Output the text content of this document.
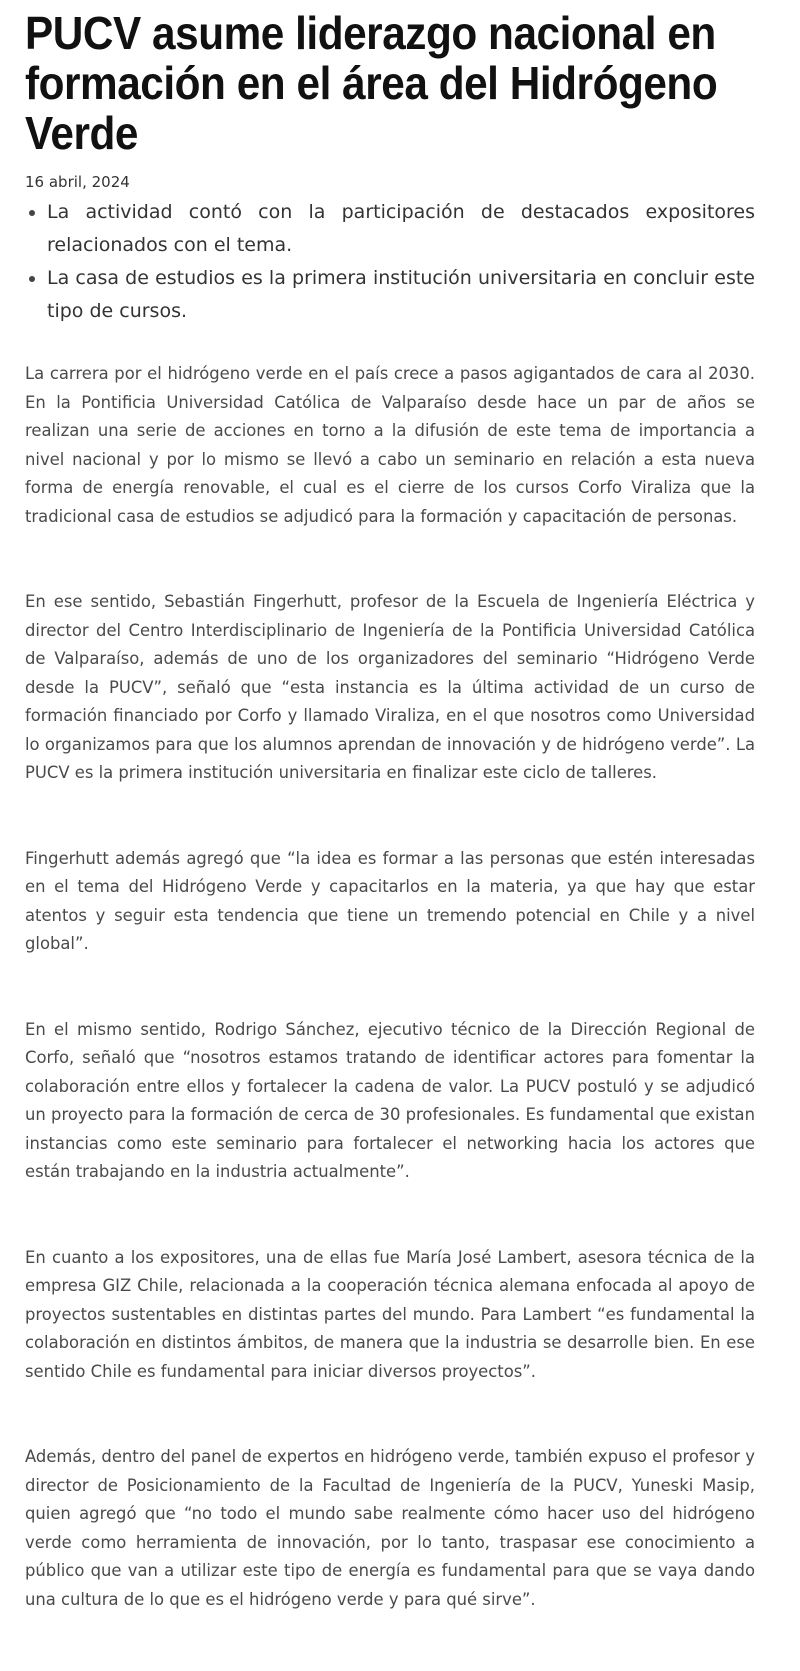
PUCV asume liderazgo nacional en formación en el área del Hidrógeno Verde
16 abril, 2024
• La actividad contó con la participación de destacados expositores relacionados con el tema.
• La casa de estudios es la primera institución universitaria en concluir este tipo de cursos.

La carrera por el hidrógeno verde en el país crece a pasos agigantados de cara al 2030. En la Pontificia Universidad Católica de Valparaíso desde hace un par de años se realizan una serie de acciones en torno a la difusión de este tema de importancia a nivel nacional y por lo mismo se llevó a cabo un seminario en relación a esta nueva forma de energía renovable, el cual es el cierre de los cursos Corfo Viraliza que la tradicional casa de estudios se adjudicó para la formación y capacitación de personas.

En ese sentido, Sebastián Fingerhutt, profesor de la Escuela de Ingeniería Eléctrica y director del Centro Interdisciplinario de Ingeniería de la Pontificia Universidad Católica de Valparaíso, además de uno de los organizadores del seminario “Hidrógeno Verde desde la PUCV”, señaló que “esta instancia es la última actividad de un curso de formación financiado por Corfo y llamado Viraliza, en el que nosotros como Universidad lo organizamos para que los alumnos aprendan de innovación y de hidrógeno verde”. La PUCV es la primera institución universitaria en finalizar este ciclo de talleres.

Fingerhutt además agregó que “la idea es formar a las personas que estén interesadas en el tema del Hidrógeno Verde y capacitarlos en la materia, ya que hay que estar atentos y seguir esta tendencia que tiene un tremendo potencial en Chile y a nivel global”.

En el mismo sentido, Rodrigo Sánchez, ejecutivo técnico de la Dirección Regional de Corfo, señaló que “nosotros estamos tratando de identificar actores para fomentar la colaboración entre ellos y fortalecer la cadena de valor. La PUCV postuló y se adjudicó un proyecto para la formación de cerca de 30 profesionales. Es fundamental que existan instancias como este seminario para fortalecer el networking hacia los actores que están trabajando en la industria actualmente”.

En cuanto a los expositores, una de ellas fue María José Lambert, asesora técnica de la empresa GIZ Chile, relacionada a la cooperación técnica alemana enfocada al apoyo de proyectos sustentables en distintas partes del mundo. Para Lambert “es fundamental la colaboración en distintos ámbitos, de manera que la industria se desarrolle bien. En ese sentido Chile es fundamental para iniciar diversos proyectos”.

Además, dentro del panel de expertos en hidrógeno verde, también expuso el profesor y director de Posicionamiento de la Facultad de Ingeniería de la PUCV, Yuneski Masip, quien agregó que “no todo el mundo sabe realmente cómo hacer uso del hidrógeno verde como herramienta de innovación, por lo tanto, traspasar ese conocimiento a público que van a utilizar este tipo de energía es fundamental para que se vaya dando una cultura de lo que es el hidrógeno verde y para qué sirve”.
